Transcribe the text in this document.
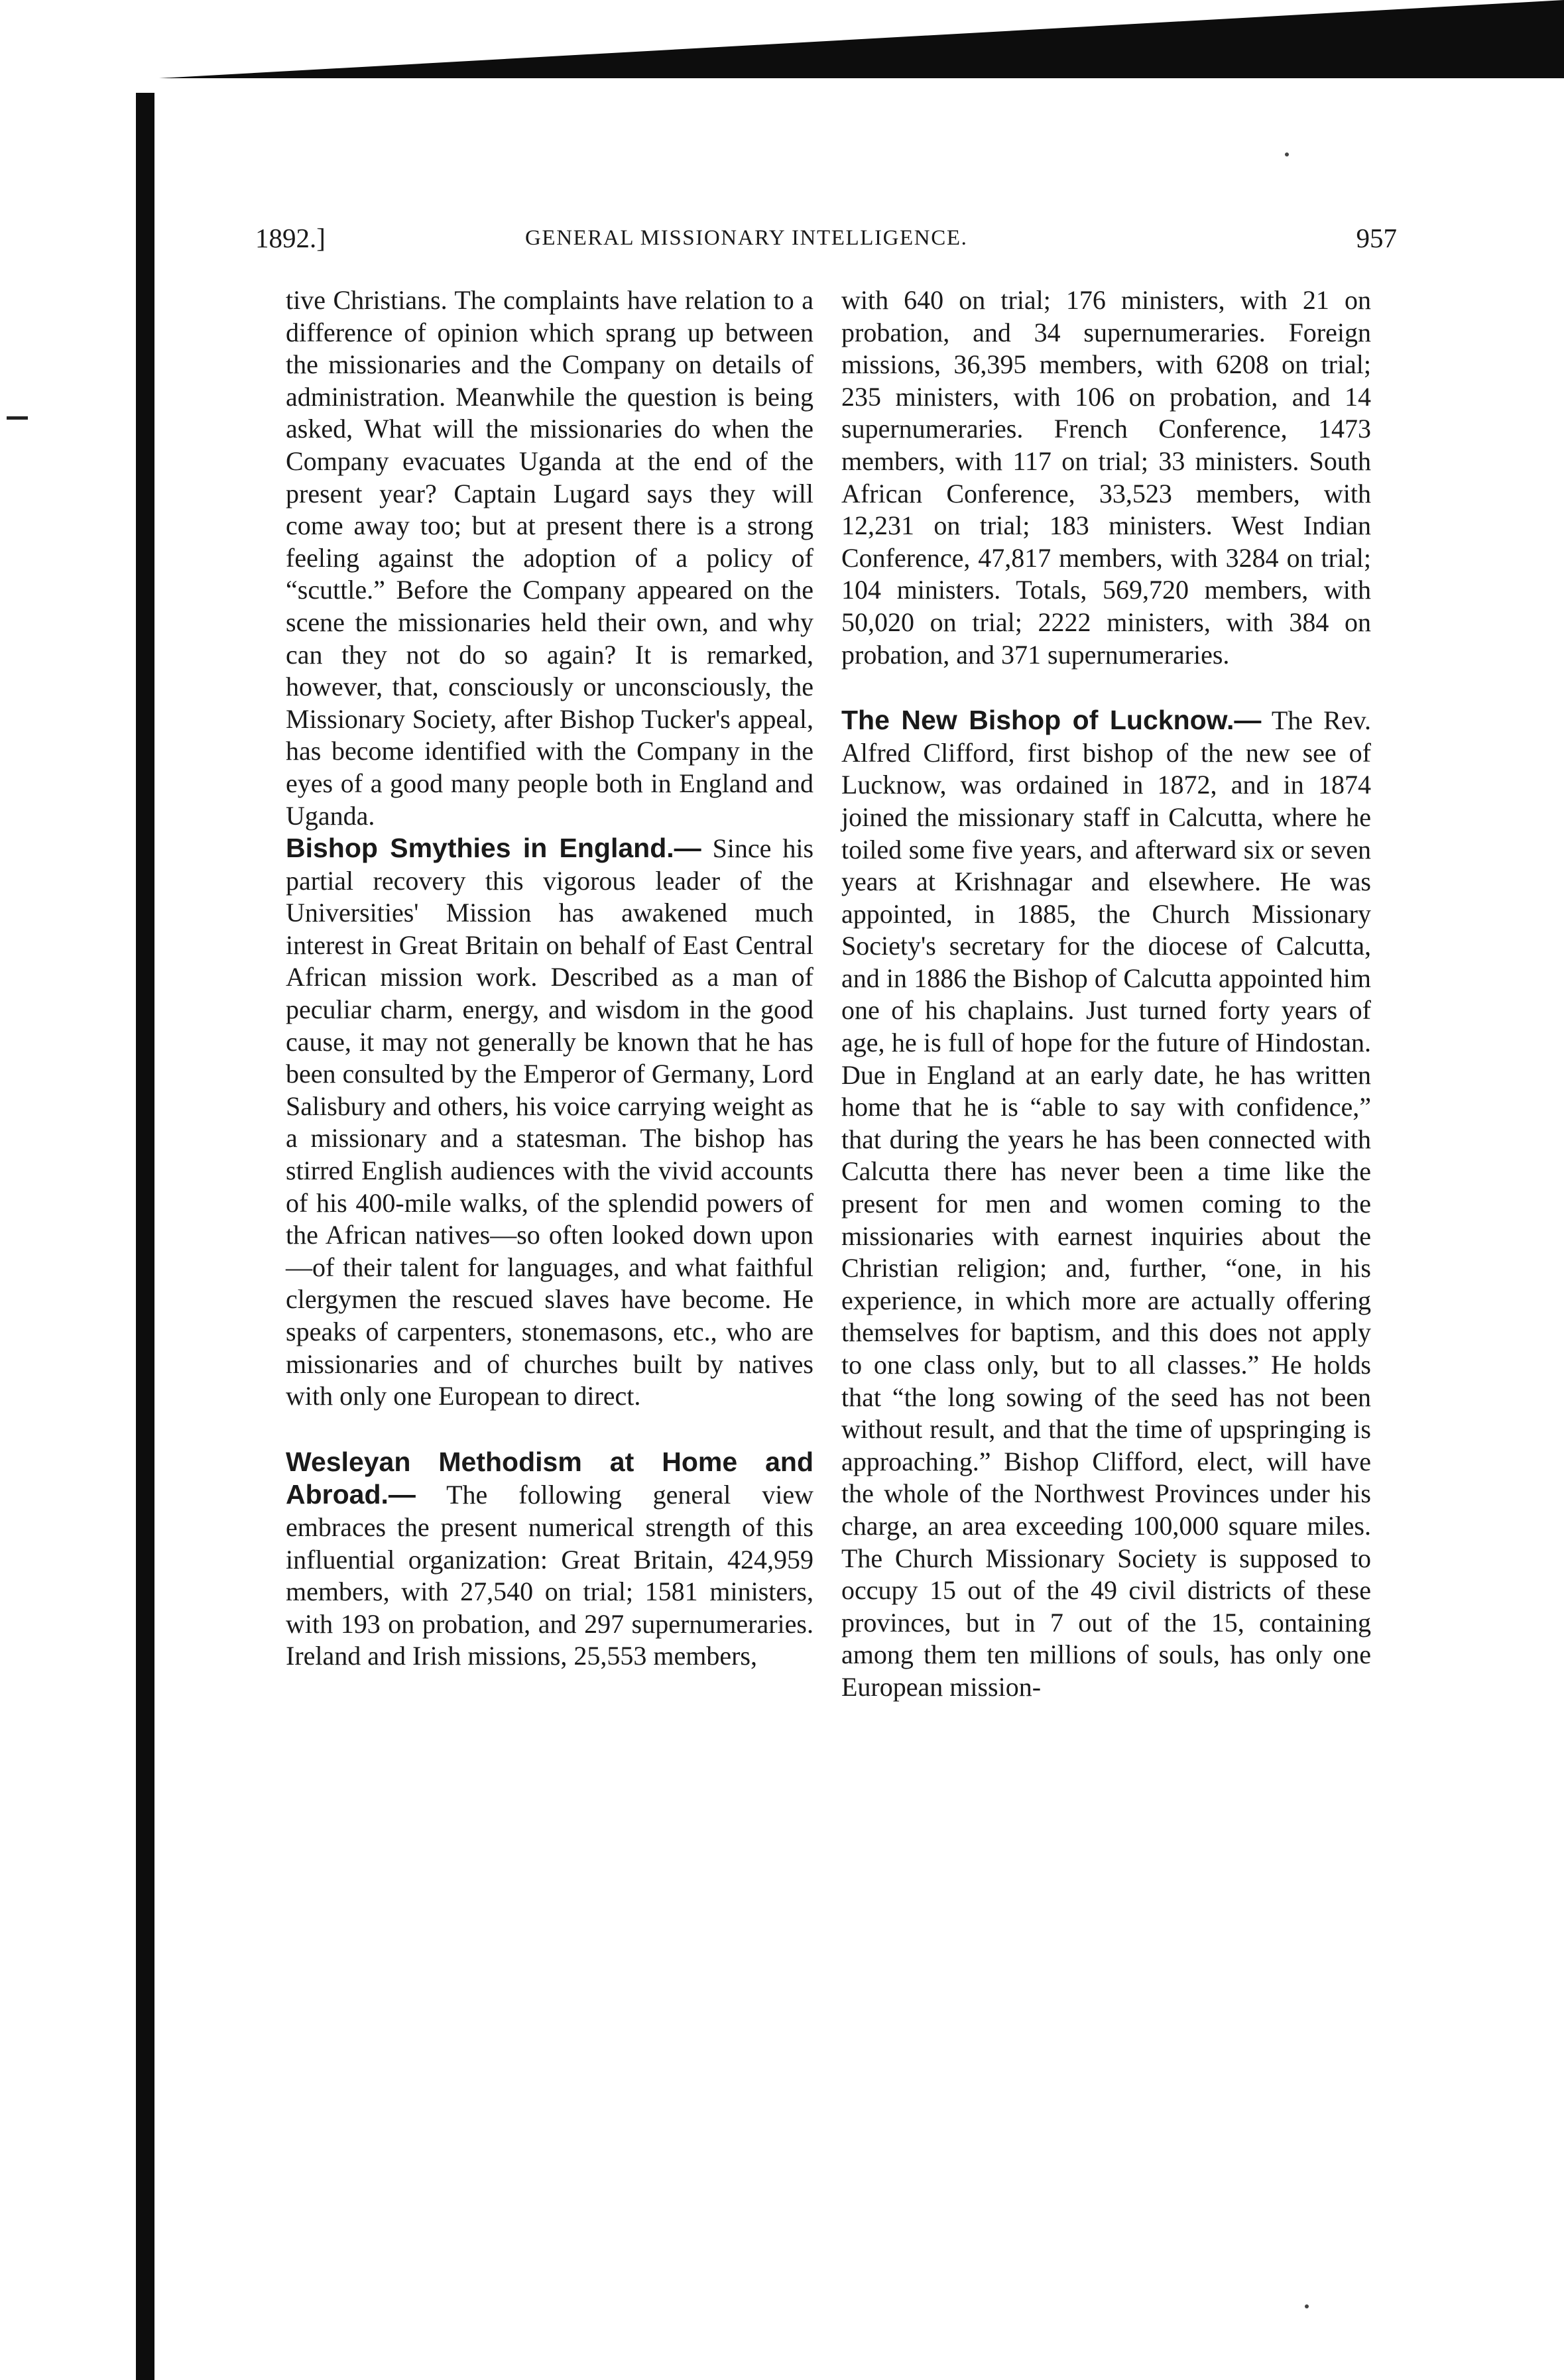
1892.]	GENERAL MISSIONARY INTELLIGENCE.	957

tive Christians. The complaints have relation to a difference of opinion which sprang up between the missionaries and the Company on details of administration. Meanwhile the question is being asked, What will the missionaries do when the Company evacuates Uganda at the end of the present year? Captain Lugard says they will come away too; but at present there is a strong feeling against the adoption of a policy of “scuttle.” Before the Company appeared on the scene the missionaries held their own, and why can they not do so again? It is remarked, however, that, consciously or unconsciously, the Missionary Society, after Bishop Tucker's appeal, has become identified with the Company in the eyes of a good many people both in England and Uganda.

Bishop Smythies in England.— Since his partial recovery this vigorous leader of the Universities' Mission has awakened much interest in Great Britain on behalf of East Central African mission work. Described as a man of peculiar charm, energy, and wisdom in the good cause, it may not generally be known that he has been consulted by the Emperor of Germany, Lord Salisbury and others, his voice carrying weight as a missionary and a statesman. The bishop has stirred English audiences with the vivid accounts of his 400-mile walks, of the splendid powers of the African natives—so often looked down upon—of their talent for languages, and what faithful clergymen the rescued slaves have become. He speaks of carpenters, stonemasons, etc., who are missionaries and of churches built by natives with only one European to direct.

Wesleyan Methodism at Home and Abroad.— The following general view embraces the present numerical strength of this influential organization: Great Britain, 424,959 members, with 27,540 on trial; 1581 ministers, with 193 on probation, and 297 supernumeraries. Ireland and Irish missions, 25,553 members,

with 640 on trial; 176 ministers, with 21 on probation, and 34 supernumeraries. Foreign missions, 36,395 members, with 6208 on trial; 235 ministers, with 106 on probation, and 14 supernumeraries. French Conference, 1473 members, with 117 on trial; 33 ministers. South African Conference, 33,523 members, with 12,231 on trial; 183 ministers. West Indian Conference, 47,817 members, with 3284 on trial; 104 ministers. Totals, 569,720 members, with 50,020 on trial; 2222 ministers, with 384 on probation, and 371 supernumeraries.

The New Bishop of Lucknow.— The Rev. Alfred Clifford, first bishop of the new see of Lucknow, was ordained in 1872, and in 1874 joined the missionary staff in Calcutta, where he toiled some five years, and afterward six or seven years at Krishnagar and elsewhere. He was appointed, in 1885, the Church Missionary Society's secretary for the diocese of Calcutta, and in 1886 the Bishop of Calcutta appointed him one of his chaplains. Just turned forty years of age, he is full of hope for the future of Hindostan. Due in England at an early date, he has written home that he is “able to say with confidence,” that during the years he has been connected with Calcutta there has never been a time like the present for men and women coming to the missionaries with earnest inquiries about the Christian religion; and, further, “one, in his experience, in which more are actually offering themselves for baptism, and this does not apply to one class only, but to all classes.” He holds that “the long sowing of the seed has not been without result, and that the time of upspringing is approaching.” Bishop Clifford, elect, will have the whole of the Northwest Provinces under his charge, an area exceeding 100,000 square miles. The Church Missionary Society is supposed to occupy 15 out of the 49 civil districts of these provinces, but in 7 out of the 15, containing among them ten millions of souls, has only one European mission-
